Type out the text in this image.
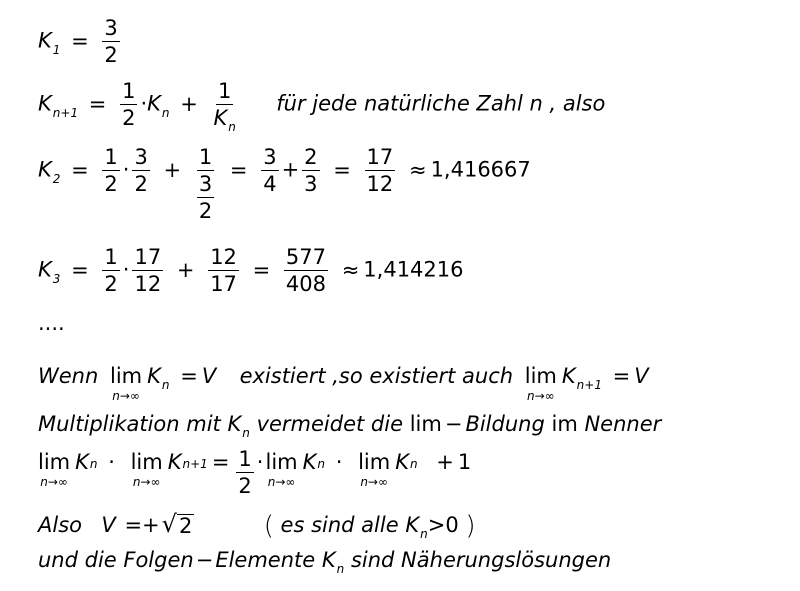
$K_1 = \frac{3}{2}$
$K_{n+1} = \frac{1}{2} \cdot K_n + \frac{1}{K_n}$ für jede natürliche Zahl n , also
$K_2 = \frac{1}{2} \cdot \frac{3}{2} + \frac{1}{\frac{3}{2}} = \frac{3}{4} + \frac{2}{3} = \frac{17}{12} \approx 1,416667$
$K_3 = \frac{1}{2} \cdot \frac{17}{12} + \frac{12}{17} = \frac{577}{408} \approx 1,414216$
....
Wenn lim
n→∞
$K_n = V$ existiert ,so existiert auch lim
n→∞
$K_{n+1} = V$
Multiplikation mit $K_n$ vermeidet die lim − Bildung im Nenner
lim
n→∞
$K^n \cdot \lim$
n→∞
$K^{n+1} = \frac{1}{2} \cdot \lim$
n→∞
$K^n \cdot \lim$
n→∞
$K^n + 1$
Also V =+ √ 2	( es sind alle $K_n>0$ )
und die Folgen−Elemente $K_n$ sind Näherungslösungen
